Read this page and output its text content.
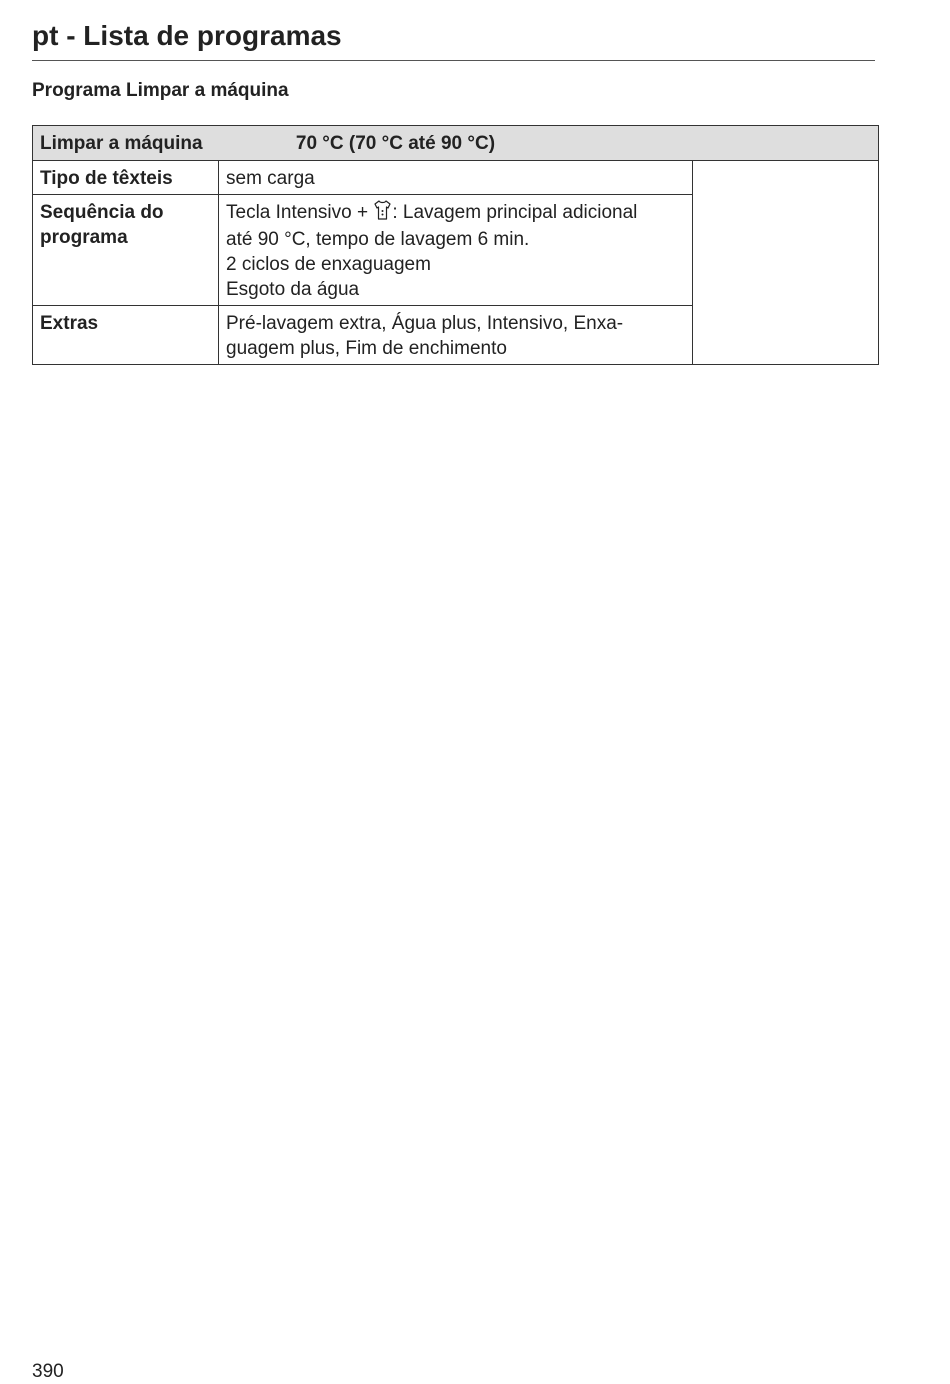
pt - Lista de programas
Programa Limpar a máquina
Limpar a máquina 70 °C (70 °C até 90 °C)		
Tipo de têxteis	sem carga	

Sequência do programa	Tecla Intensivo + : Lavagem principal adicional
até 90 °C, tempo de lavagem 6 min.
2 ciclos de enxaguagem
Esgoto da água	

Extras	Pré-lavagem extra, Água plus, Intensivo, Enxa-
guagem plus, Fim de enchimento	
390
